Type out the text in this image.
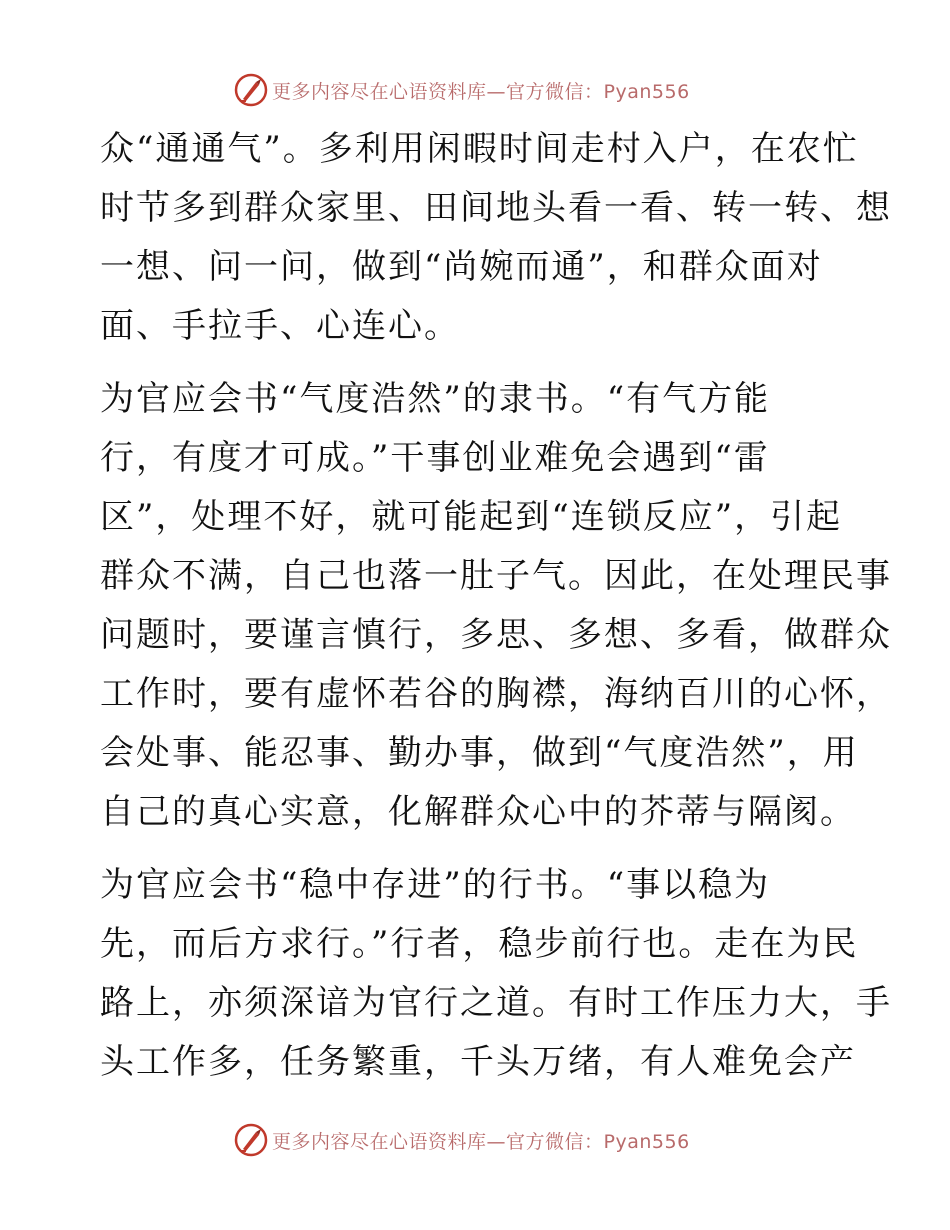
更多内容尽在心语资料库—官方微信：Pyan556
众“通通气”。多利用闲暇时间走村入户，在农忙
时节多到群众家里、田间地头看一看、转一转、想
一想、问一问，做到“尚婉而通”，和群众面对
面、手拉手、心连心。
为官应会书“气度浩然”的隶书。“有气方能
行，有度才可成。”干事创业难免会遇到“雷
区”，处理不好，就可能起到“连锁反应”，引起
群众不满，自己也落一肚子气。因此，在处理民事
问题时，要谨言慎行，多思、多想、多看，做群众
工作时，要有虚怀若谷的胸襟，海纳百川的心怀，
会处事、能忍事、勤办事，做到“气度浩然”，用
自己的真心实意，化解群众心中的芥蒂与隔阂。
为官应会书“稳中存进”的行书。“事以稳为
先，而后方求行。”行者，稳步前行也。走在为民
路上，亦须深谙为官行之道。有时工作压力大，手
头工作多，任务繁重，千头万绪，有人难免会产
更多内容尽在心语资料库—官方微信：Pyan556
